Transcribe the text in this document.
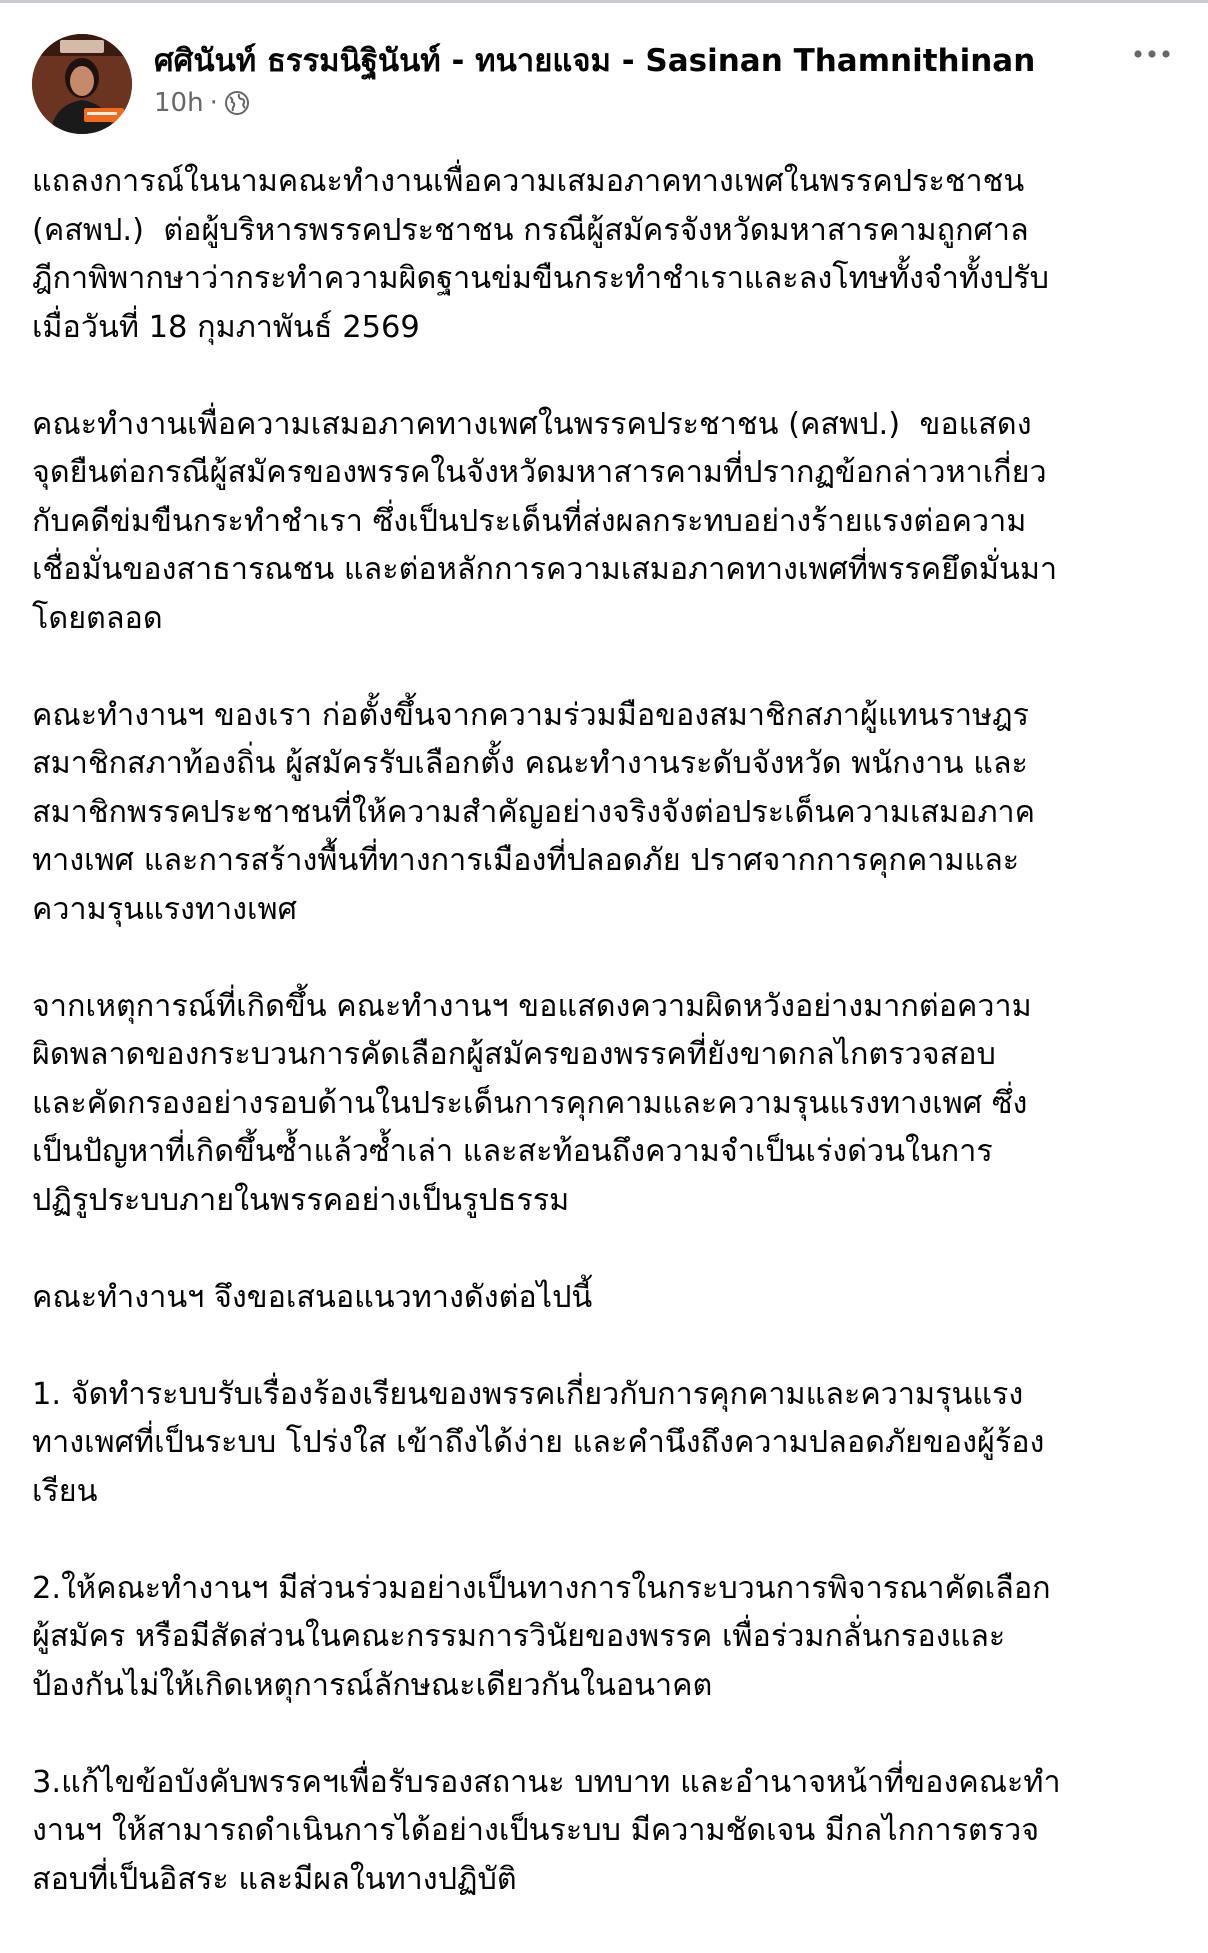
ศศินันท์ ธรรมนิฐินันท์ - ทนายแจม - Sasinan Thamnithinan
10h ·

แถลงการณ์ในนามคณะทำงานเพื่อความเสมอภาคทางเพศในพรรคประชาชน
(คสพป.)  ต่อผู้บริหารพรรคประชาชน กรณีผู้สมัครจังหวัดมหาสารคามถูกศาล
ฎีกาพิพากษาว่ากระทำความผิดฐานข่มขืนกระทำชำเราและลงโทษทั้งจำทั้งปรับ
เมื่อวันที่ 18 กุมภาพันธ์ 2569

คณะทำงานเพื่อความเสมอภาคทางเพศในพรรคประชาชน (คสพป.)  ขอแสดง
จุดยืนต่อกรณีผู้สมัครของพรรคในจังหวัดมหาสารคามที่ปรากฏข้อกล่าวหาเกี่ยว
กับคดีข่มขืนกระทำชำเรา ซึ่งเป็นประเด็นที่ส่งผลกระทบอย่างร้ายแรงต่อความ
เชื่อมั่นของสาธารณชน และต่อหลักการความเสมอภาคทางเพศที่พรรคยึดมั่นมา
โดยตลอด

คณะทำงานฯ ของเรา ก่อตั้งขึ้นจากความร่วมมือของสมาชิกสภาผู้แทนราษฎร
สมาชิกสภาท้องถิ่น ผู้สมัครรับเลือกตั้ง คณะทำงานระดับจังหวัด พนักงาน และ
สมาชิกพรรคประชาชนที่ให้ความสำคัญอย่างจริงจังต่อประเด็นความเสมอภาค
ทางเพศ และการสร้างพื้นที่ทางการเมืองที่ปลอดภัย ปราศจากการคุกคามและ
ความรุนแรงทางเพศ

จากเหตุการณ์ที่เกิดขึ้น คณะทำงานฯ ขอแสดงความผิดหวังอย่างมากต่อความ
ผิดพลาดของกระบวนการคัดเลือกผู้สมัครของพรรคที่ยังขาดกลไกตรวจสอบ
และคัดกรองอย่างรอบด้านในประเด็นการคุกคามและความรุนแรงทางเพศ ซึ่ง
เป็นปัญหาที่เกิดขึ้นซ้ำแล้วซ้ำเล่า และสะท้อนถึงความจำเป็นเร่งด่วนในการ
ปฏิรูประบบภายในพรรคอย่างเป็นรูปธรรม

คณะทำงานฯ จึงขอเสนอแนวทางดังต่อไปนี้

1. จัดทำระบบรับเรื่องร้องเรียนของพรรคเกี่ยวกับการคุกคามและความรุนแรง
ทางเพศที่เป็นระบบ โปร่งใส เข้าถึงได้ง่าย และคำนึงถึงความปลอดภัยของผู้ร้อง
เรียน

2.ให้คณะทำงานฯ มีส่วนร่วมอย่างเป็นทางการในกระบวนการพิจารณาคัดเลือก
ผู้สมัคร หรือมีสัดส่วนในคณะกรรมการวินัยของพรรค เพื่อร่วมกลั่นกรองและ
ป้องกันไม่ให้เกิดเหตุการณ์ลักษณะเดียวกันในอนาคต

3.แก้ไขข้อบังคับพรรคฯเพื่อรับรองสถานะ บทบาท และอำนาจหน้าที่ของคณะทำ
งานฯ ให้สามารถดำเนินการได้อย่างเป็นระบบ มีความชัดเจน มีกลไกการตรวจ
สอบที่เป็นอิสระ และมีผลในทางปฏิบัติ
